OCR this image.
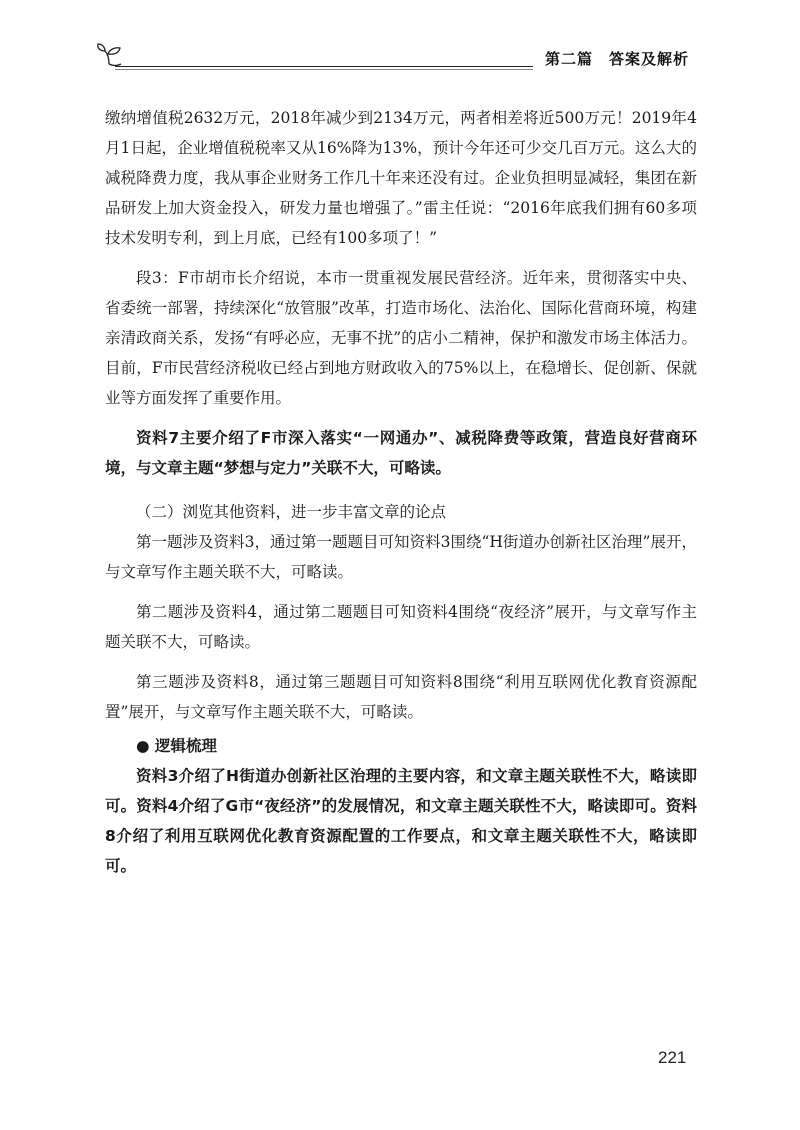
第二篇　答案及解析

缴纳增值税2632万元，2018年减少到2134万元，两者相差将近500万元！2019年4月1日起，企业增值税税率又从16%降为13%，预计今年还可少交几百万元。这么大的减税降费力度，我从事企业财务工作几十年来还没有过。企业负担明显减轻，集团在新品研发上加大资金投入，研发力量也增强了。”雷主任说：“2016年底我们拥有60多项技术发明专利，到上月底，已经有100多项了！”

段3：F市胡市长介绍说，本市一贯重视发展民营经济。近年来，贯彻落实中央、省委统一部署，持续深化“放管服”改革，打造市场化、法治化、国际化营商环境，构建亲清政商关系，发扬“有呼必应，无事不扰”的店小二精神，保护和激发市场主体活力。目前，F市民营经济税收已经占到地方财政收入的75%以上，在稳增长、促创新、保就业等方面发挥了重要作用。

资料7主要介绍了F市深入落实“一网通办”、减税降费等政策，营造良好营商环境，与文章主题“梦想与定力”关联不大，可略读。

（二）浏览其他资料，进一步丰富文章的论点

第一题涉及资料3，通过第一题题目可知资料3围绕“H街道办创新社区治理”展开，与文章写作主题关联不大，可略读。

第二题涉及资料4，通过第二题题目可知资料4围绕“夜经济”展开，与文章写作主题关联不大，可略读。

第三题涉及资料8，通过第三题题目可知资料8围绕“利用互联网优化教育资源配置”展开，与文章写作主题关联不大，可略读。

● 逻辑梳理

资料3介绍了H街道办创新社区治理的主要内容，和文章主题关联性不大，略读即可。资料4介绍了G市“夜经济”的发展情况，和文章主题关联性不大，略读即可。资料8介绍了利用互联网优化教育资源配置的工作要点，和文章主题关联性不大，略读即可。

221
